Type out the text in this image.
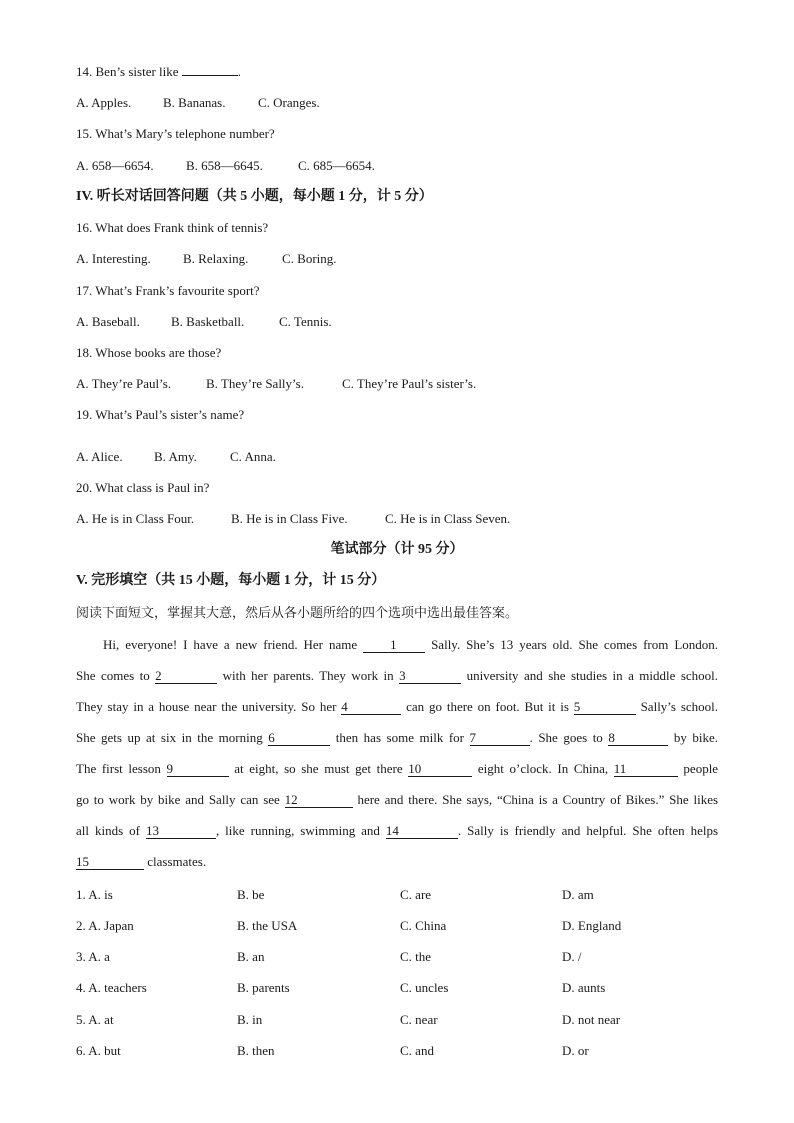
14. Ben’s sister like	.
A. Apples. B. Bananas.	C. Oranges.
15. What’s Mary’s telephone number?
A. 658—6654. B. 658—6645.	C. 685—6654.
IV. 听长对话回答问题（共 5 小题，每小题 1 分，计 5 分）
16. What does Frank think of tennis?
A. Interesting. B. Relaxing.	C. Boring.
17. What’s Frank’s favourite sport?
A. Baseball. B. Basketball.	C. Tennis.
18. Whose books are those?
A. They’re Paul’s.	B. They’re Sally’s.	C. They’re Paul’s sister’s.
19. What’s Paul’s sister’s name?
A. Alice. B. Amy.	C. Anna.
20. What class is Paul in?
A. He is in Class Four.	B. He is in Class Five.	C. He is in Class Seven.
笔试部分（计 95 分）
V. 完形填空（共 15 小题，每小题 1 分，计 15 分）
阅读下面短文，掌握其大意，然后从各小题所给的四个选项中选出最佳答案。
Hi, everyone! I have a new friend. Her name	1	Sally. She’s 13 years old. She comes from London.
She comes to 2	with her parents. They work in 3	university and she studies in a middle school.
They stay in a house near the university. So her 4	can go there on foot. But it is 5	Sally’s school.
She gets up at six in the morning 6	then has some milk for 7	. She goes to 8	by bike.
The first lesson 9	at eight, so she must get there 10	eight o’clock. In China, 11	people
go to work by bike and Sally can see 12	here and there. She says, “China is a Country of Bikes.” She likes
all kinds of 13	, like running, swimming and 14	. Sally is friendly and helpful. She often helps
15	classmates.
1. A. is	B. be	C. are	D. am
2. A. Japan	B. the USA	C. China	D. England
3. A. a	B. an	C. the	D. /
4. A. teachers	B. parents	C. uncles	D. aunts
5. A. at	B. in	C. near	D. not near
6. A. but	B. then	C. and	D. or
